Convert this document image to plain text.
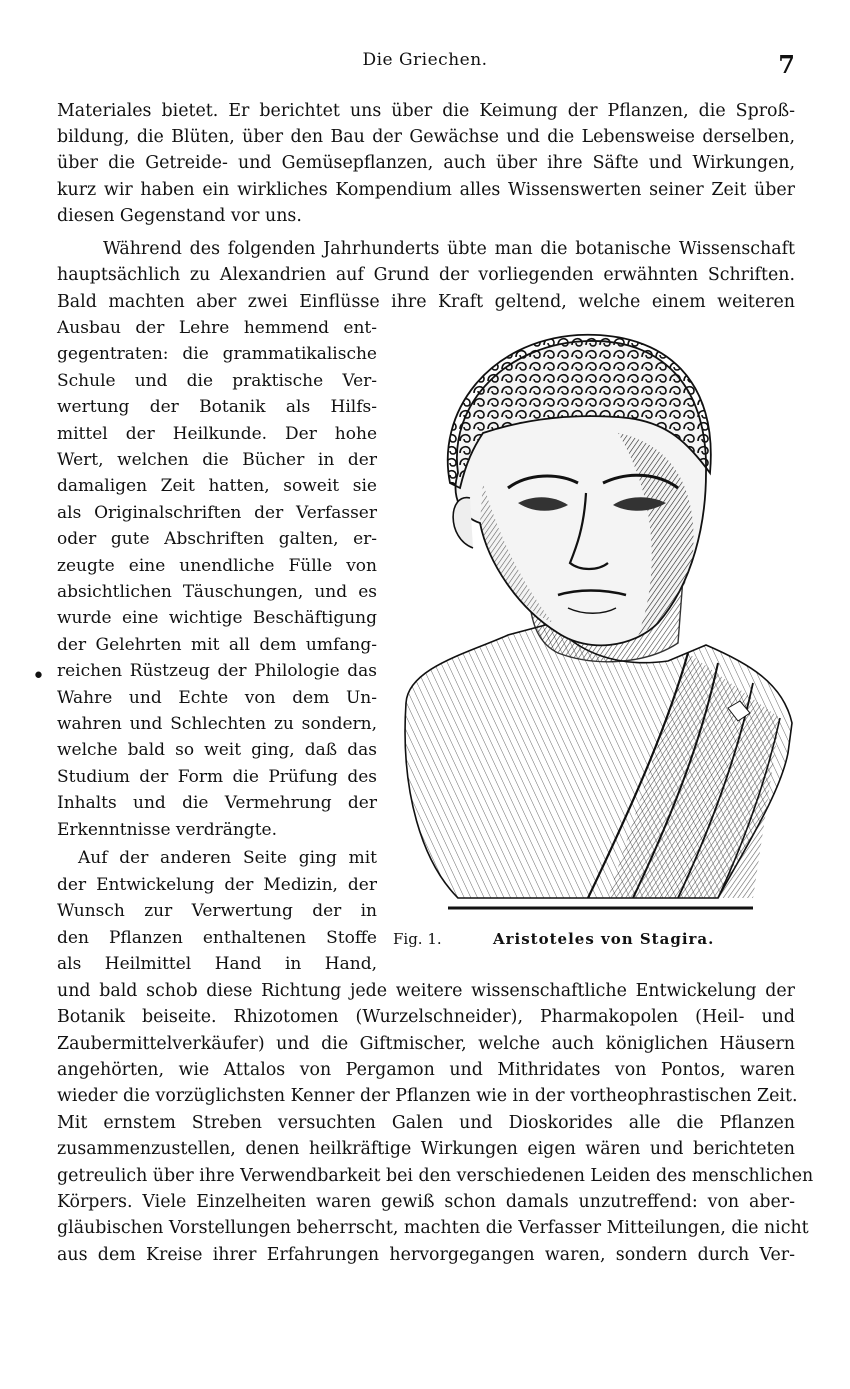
Die Griechen.	7
Materiales bietet. Er berichtet uns über die Keimung der Pflanzen, die Sproß-
bildung, die Blüten, über den Bau der Gewächse und die Lebensweise derselben,
über die Getreide- und Gemüsepflanzen, auch über ihre Säfte und Wirkungen,
kurz wir haben ein wirkliches Kompendium alles Wissenswerten seiner Zeit über
diesen Gegenstand vor uns.
Während des folgenden Jahrhunderts übte man die botanische Wissenschaft
hauptsächlich zu Alexandrien auf Grund der vorliegenden erwähnten Schriften.
Bald machten aber zwei Einflüsse ihre Kraft geltend, welche einem weiteren
Ausbau der Lehre hemmend ent-
gegentraten: die grammatikalische
Schule und die praktische Ver-
wertung der Botanik als Hilfs-
mittel der Heilkunde. Der hohe
Wert, welchen die Bücher in der
damaligen Zeit hatten, soweit sie
als Originalschriften der Verfasser
oder gute Abschriften galten, er-
zeugte eine unendliche Fülle von
absichtlichen Täuschungen, und es
wurde eine wichtige Beschäftigung
der Gelehrten mit all dem umfang-
reichen Rüstzeug der Philologie das
Wahre und Echte von dem Un-
wahren und Schlechten zu sondern,
welche bald so weit ging, daß das
Studium der Form die Prüfung des
Inhalts und die Vermehrung der
Erkenntnisse verdrängte.
Auf der anderen Seite ging mit
der Entwickelung der Medizin, der
Wunsch zur Verwertung der in
den Pflanzen enthaltenen Stoffe
als Heilmittel Hand in Hand,
und bald schob diese Richtung jede weitere wissenschaftliche Entwickelung der
Botanik beiseite. Rhizotomen (Wurzelschneider), Pharmakopolen (Heil- und
Zaubermittelverkäufer) und die Giftmischer, welche auch königlichen Häusern
angehörten, wie Attalos von Pergamon und Mithridates von Pontos, waren
wieder die vorzüglichsten Kenner der Pflanzen wie in der vortheophrastischen Zeit.
Mit ernstem Streben versuchten Galen und Dioskorides alle die Pflanzen
zusammenzustellen, denen heilkräftige Wirkungen eigen wären und berichteten
getreulich über ihre Verwendbarkeit bei den verschiedenen Leiden des menschlichen
Körpers. Viele Einzelheiten waren gewiß schon damals unzutreffend: von aber-
gläubischen Vorstellungen beherrscht, machten die Verfasser Mitteilungen, die nicht
aus dem Kreise ihrer Erfahrungen hervorgegangen waren, sondern durch Ver-
•
Fig. 1.	Aristoteles von Stagira.
